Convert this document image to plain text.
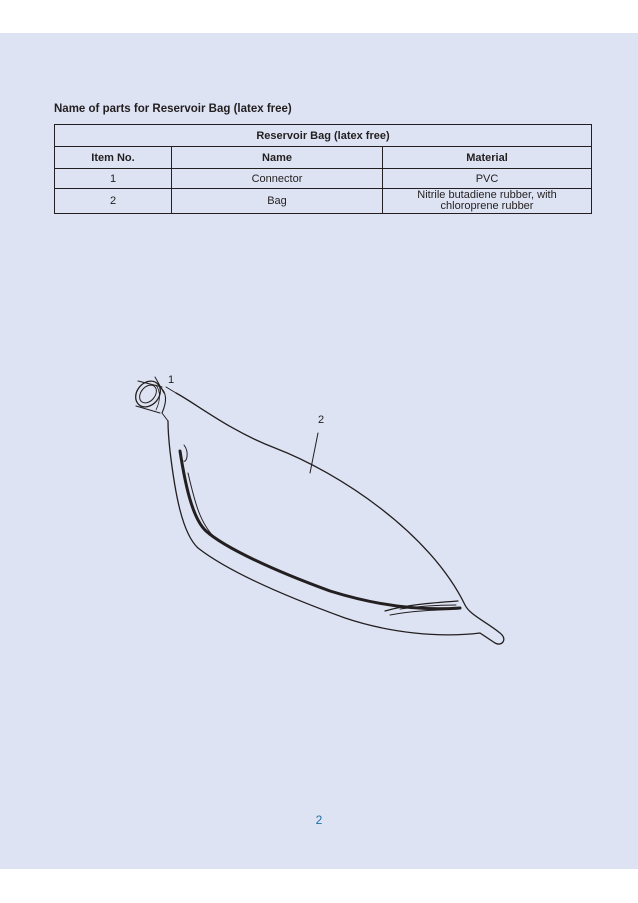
Name of parts for Reservoir Bag (latex free)
Reservoir Bag (latex free)		
Item No.	Name	Material
1	Connector	PVC
2	Bag	Nitrile butadiene rubber, with
chloroprene rubber
1
2
2
